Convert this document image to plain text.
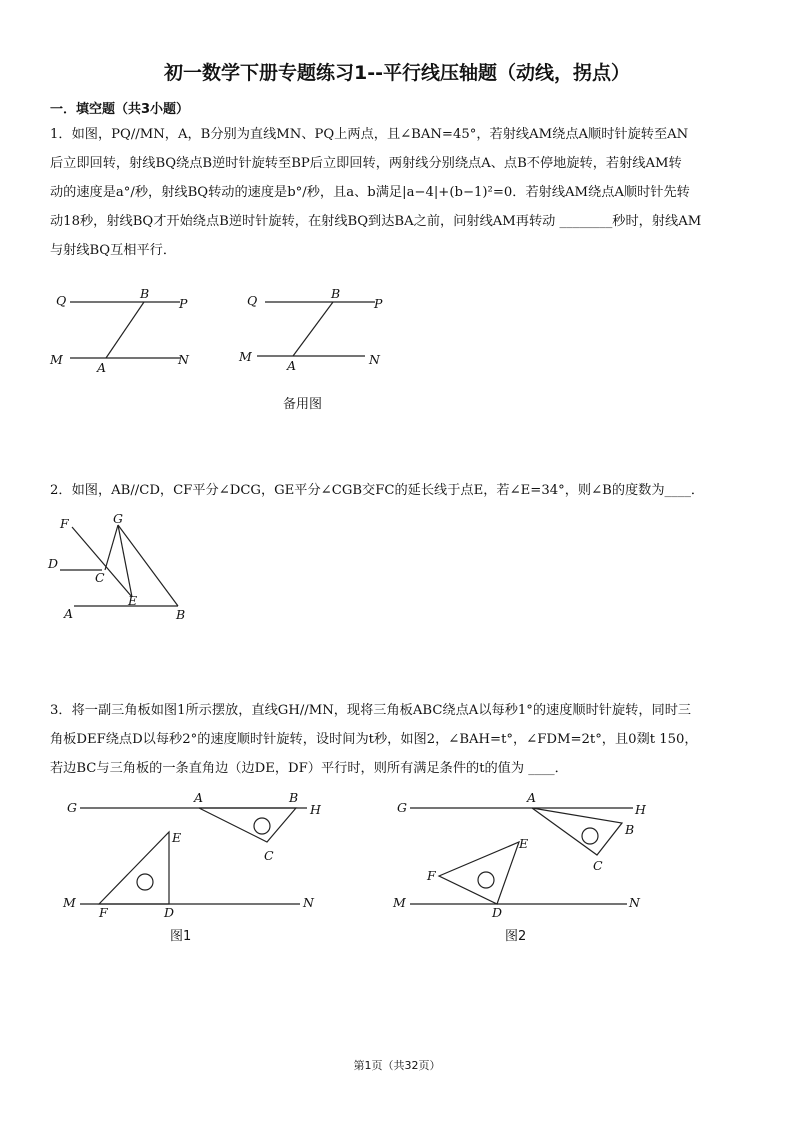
初一数学下册专题练习1--平行线压轴题（动线，拐点）
一．填空题（共3小题）
1．如图，PQ//MN，A，B分别为直线MN、PQ上两点，且∠BAN=45°，若射线AM绕点A顺时针旋转至AN
后立即回转，射线BQ绕点B逆时针旋转至BP后立即回转，两射线分别绕点A、点B不停地旋转，若射线AM转
动的速度是a°/秒，射线BQ转动的速度是b°/秒，且a、b满足|a−4|+(b−1)²=0．若射线AM绕点A顺时针先转
动18秒，射线BQ才开始绕点B逆时针旋转，在射线BQ到达BA之前，问射线AM再转动 ________秒时，射线AM
与射线BQ互相平行．
Q	B
P
M
A
N
Q	B
P
M
A	N
备用图
2．如图，AB//CD，CF平分∠DCG，GE平分∠CGB交FC的延长线于点E，若∠E=34°，则∠B的度数为____．
F	G
D
C
E
A	B
3．将一副三角板如图1所示摆放，直线GH//MN，现将三角板ABC绕点A以每秒1°的速度顺时针旋转，同时三
角板DEF绕点D以每秒2°的速度顺时针旋转，设时间为t秒，如图2，∠BAH=t°，∠FDM=2t°，且0剟t 150，
若边BC与三角板的一条直角边（边DE，DF）平行时，则所有满足条件的t的值为 ____．
G
A	B
H
C
E
M
F	D
N
图1
G
A
H
B
C
E
F
M
D
N
图2
第1页（共32页）
